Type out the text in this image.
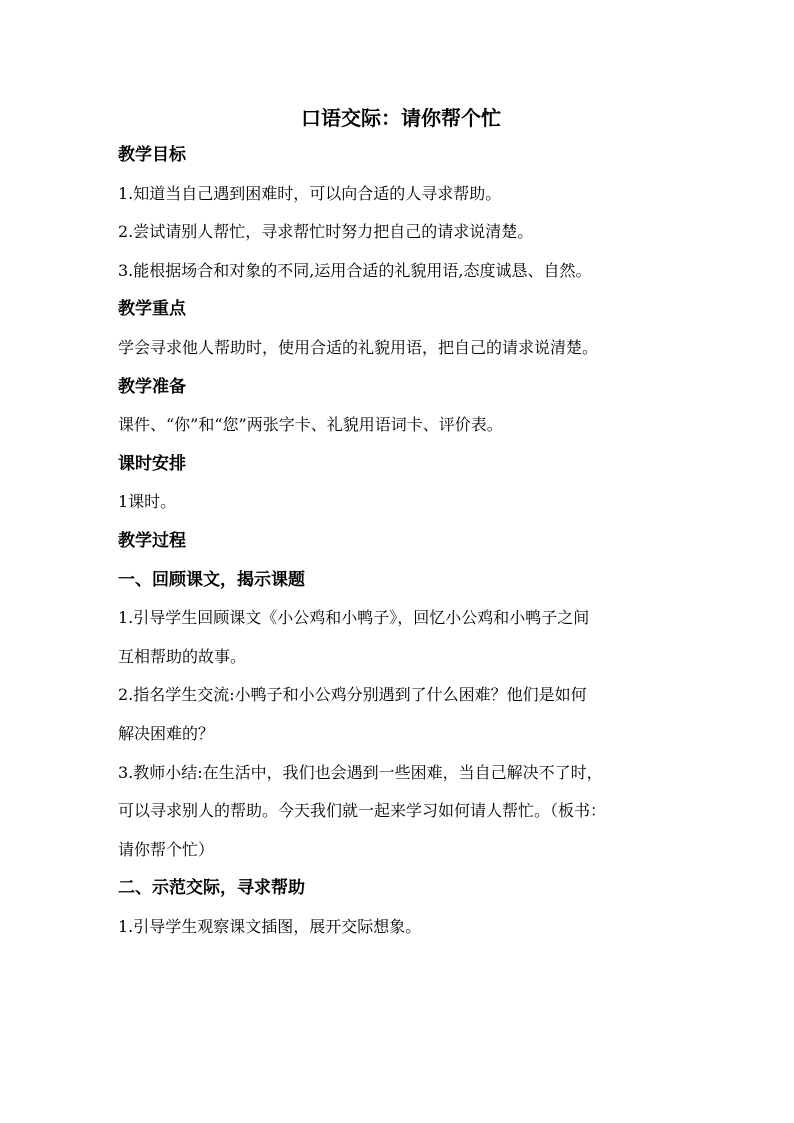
口语交际：请你帮个忙

教学目标

1.知道当自己遇到困难时，可以向合适的人寻求帮助。

2.尝试请别人帮忙，寻求帮忙时努力把自己的请求说清楚。

3.能根据场合和对象的不同,运用合适的礼貌用语,态度诚恳、自然。

教学重点

学会寻求他人帮助时，使用合适的礼貌用语，把自己的请求说清楚。

教学准备

课件、“你”和“您”两张字卡、礼貌用语词卡、评价表。

课时安排

1课时。

教学过程

一、回顾课文，揭示课题

1.引导学生回顾课文《小公鸡和小鸭子》，回忆小公鸡和小鸭子之间

互相帮助的故事。

2.指名学生交流:小鸭子和小公鸡分别遇到了什么困难？他们是如何

解决困难的？

3.教师小结:在生活中，我们也会遇到一些困难，当自己解决不了时，

可以寻求别人的帮助。今天我们就一起来学习如何请人帮忙。（板书：

请你帮个忙）

二、示范交际，寻求帮助

1.引导学生观察课文插图，展开交际想象。
